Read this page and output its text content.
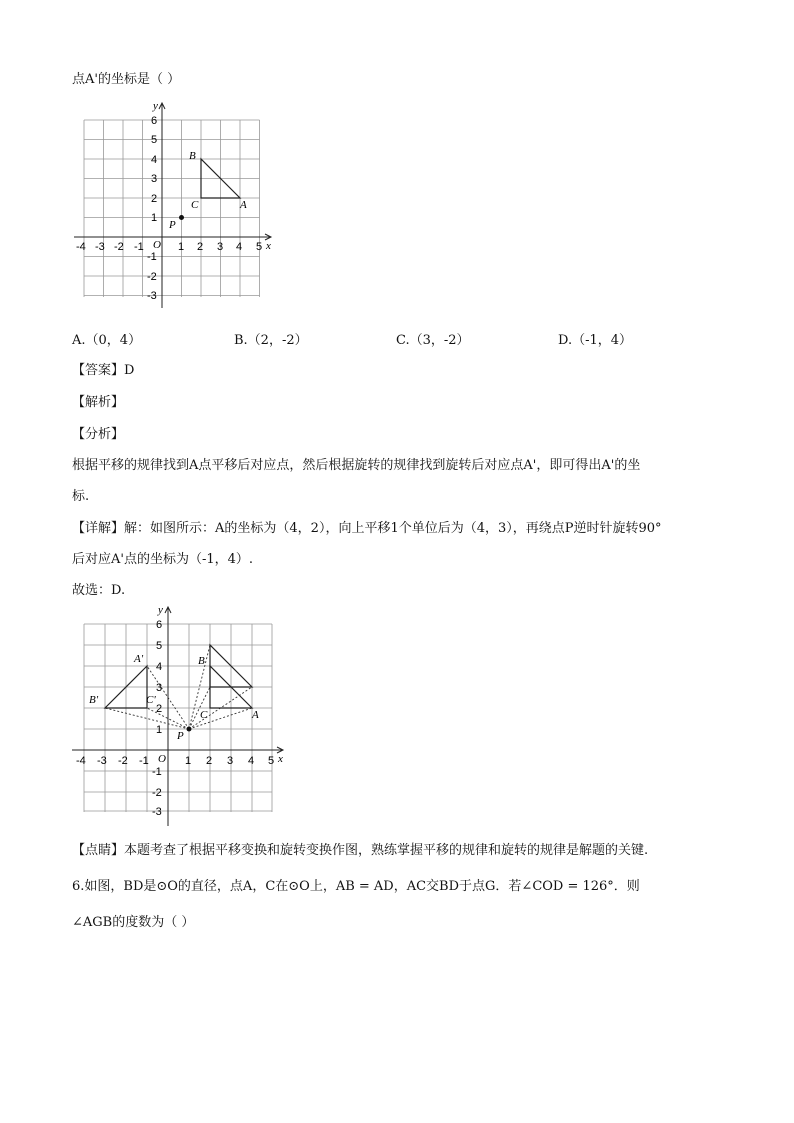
点A'的坐标是（ ）
x
y
O
-4 -3 -2 -1	1 2 3 4 5
6
5
4
3
2
1
-1
-2
-3
A
B
C
P
A.（0，4）	B.（2，-2）	C.（3，-2）	D.（-1，4）
【答案】D
【解析】
【分析】
根据平移的规律找到A点平移后对应点，然后根据旋转的规律找到旋转后对应点A'，即可得出A'的坐
标.
【详解】解：如图所示：A的坐标为（4，2），向上平移1个单位后为（4，3），再绕点P逆时针旋转90°
后对应A'点的坐标为（-1，4）.
故选：D.
x
y
O
-4 -3 -2 -1	1 2 3 4 5
6
5
4
3
2
1
-1
-2
-3
A
B
C
P
A'
B'	C'
【点睛】本题考查了根据平移变换和旋转变换作图，熟练掌握平移的规律和旋转的规律是解题的关键.
6.如图，BD是⊙O的直径，点A，C在⊙O上，AB = AD，AC交BD于点G．若∠COD = 126°．则
∠AGB的度数为（ ）
